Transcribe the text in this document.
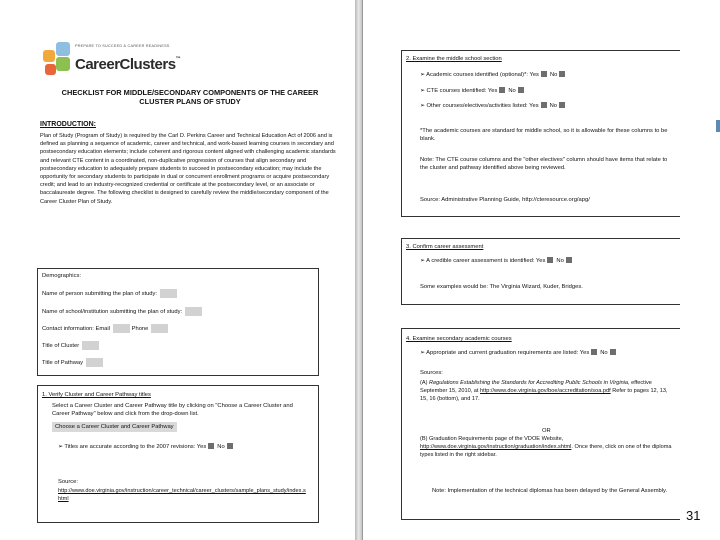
PREPARE TO SUCCEED & CAREER READINESS
CareerClusters™
CHECKLIST FOR MIDDLE/SECONDARY COMPONENTS OF THE CAREER
CLUSTER PLANS OF STUDY
INTRODUCTION:
Plan of Study (Program of Study) is required by the Carl D. Perkins Career and Technical Education Act of 2006 and is defined as planning a sequence of academic, career and technical, and work-based learning courses in secondary and postsecondary education elements; include coherent and rigorous content aligned with challenging academic standards and relevant CTE content in a coordinated, non-duplicative progression of courses that align secondary and postsecondary education to adequately prepare students to succeed in postsecondary education; may include the opportunity for secondary students to participate in dual or concurrent enrollment programs or acquire postsecondary credit; and lead to an industry-recognized credential or certificate at the postsecondary level, or an associate or baccalaureate degree. The following checklist is designed to carefully review the middle/secondary component of the Career Cluster Plan of Study.
Demographics:
Name of person submitting the plan of study:
Name of school/institution submitting the plan of study:
Contact information: Email	Phone
Title of Cluster
Title of Pathway
1. Verify Cluster and Career Pathway titles
Select a Career Cluster and Career Pathway title by clicking on "Choose a Career Cluster and Career Pathway" below and click from the drop-down list.
Choose a Career Cluster and Career Pathway
➢ Titles are accurate according to the 2007 revisions: Yes No
Source:
http://www.doe.virginia.gov/instruction/career_technical/career_clusters/sample_plans_study/index.shtml
2. Examine the middle school section
➢ Academic courses identified (optional)*: Yes No
➢ CTE courses identified: Yes No
➢ Other courses/electives/activities listed: Yes No
*The academic courses are standard for middle school, so it is allowable for these columns to be blank.
Note: The CTE course columns and the "other electives" column should have items that relate to the cluster and pathway identified above being reviewed.
Source: Administrative Planning Guide, http://cteresource.org/apg/
3. Confirm career assessment
➢ A credible career assessment is identified: Yes No
Some examples would be: The Virginia Wizard, Kuder, Bridges.
4. Examine secondary academic courses
➢ Appropriate and current graduation requirements are listed: Yes No
Sources:
(A) Regulations Establishing the Standards for Accrediting Public Schools in Virginia, effective September 15, 2010, at http://www.doe.virginia.gov/boe/accreditation/soa.pdf Refer to pages 12, 13, 15, 16 (bottom), and 17.
OR
(B) Graduation Requirements page of the VDOE Website, http://www.doe.virginia.gov/instruction/graduation/index.shtml. Once there, click on one of the diploma types listed in the right sidebar.
Note: Implementation of the technical diplomas has been delayed by the General Assembly.
31
